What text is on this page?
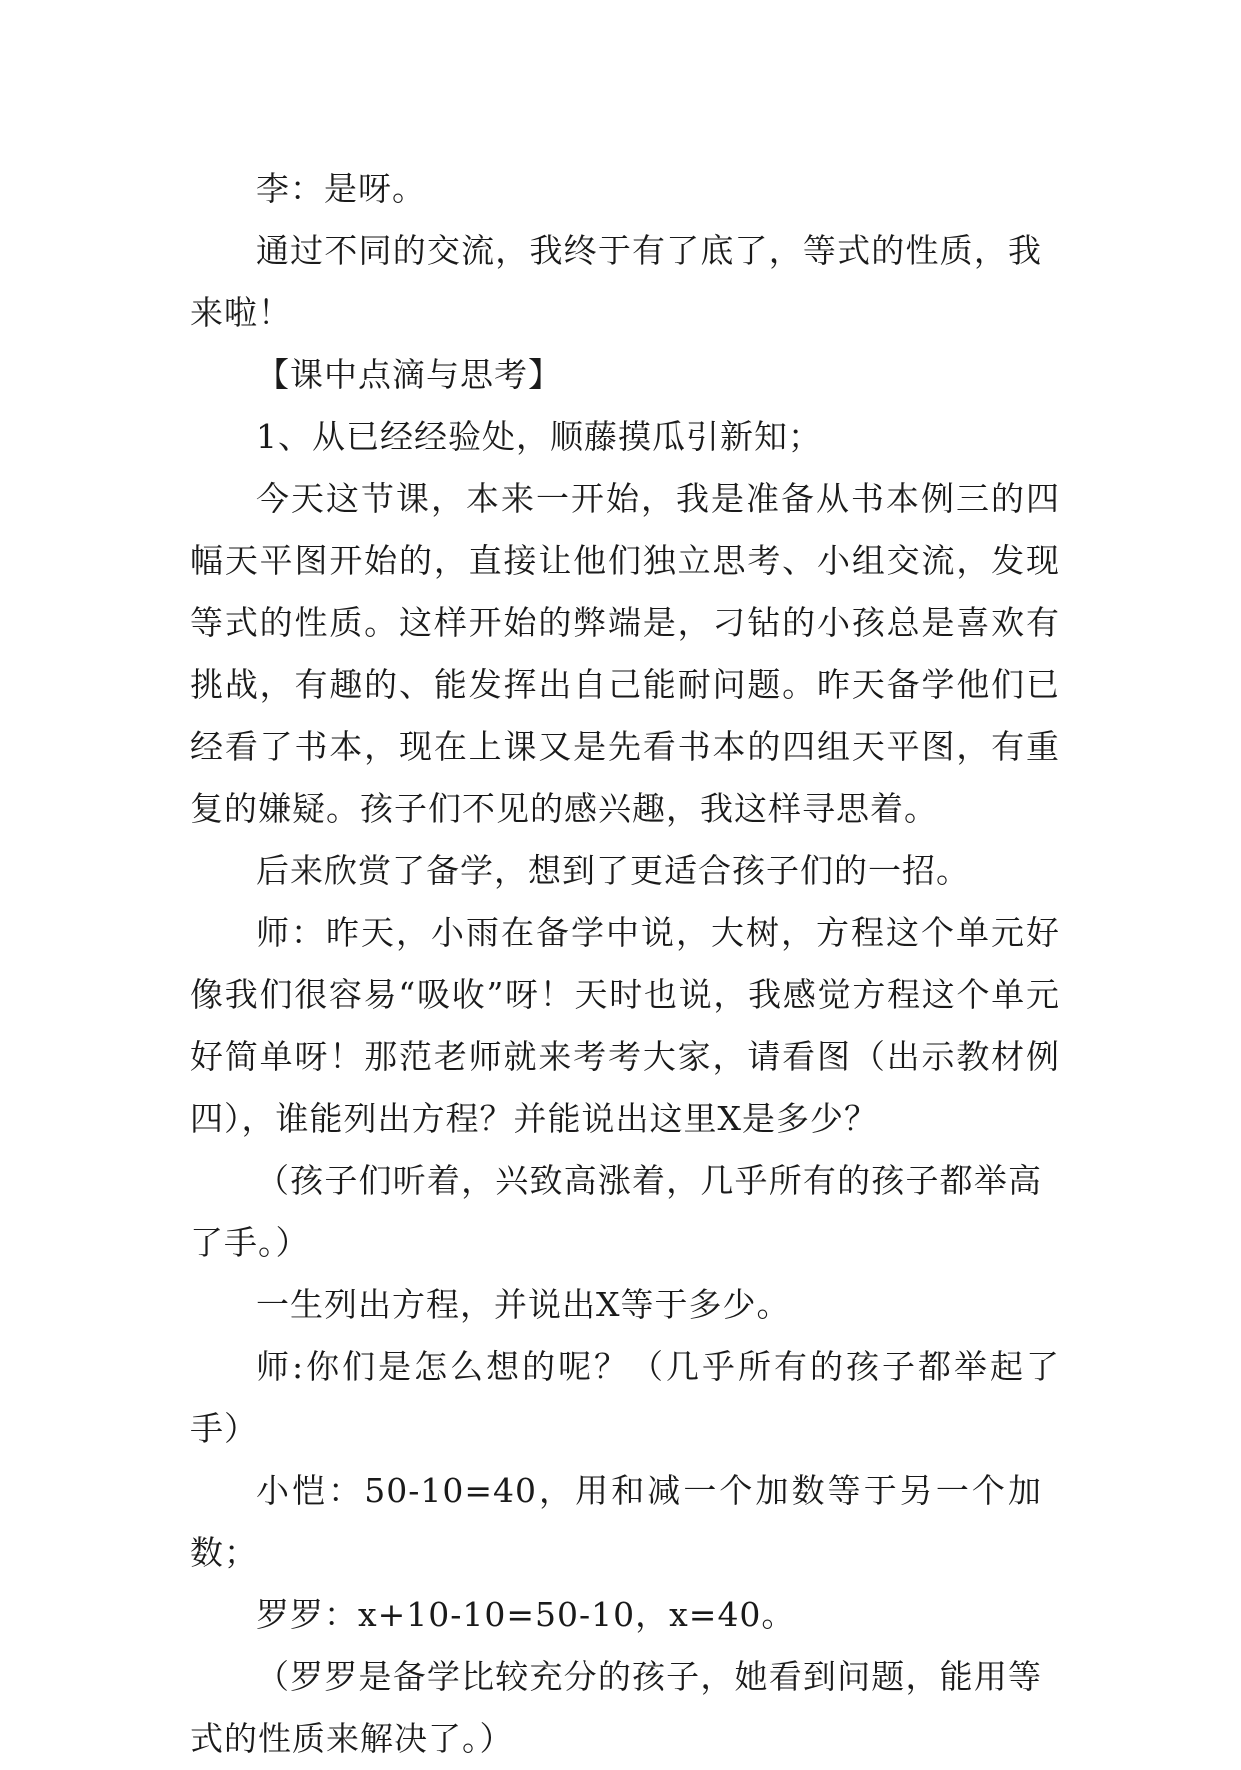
李：是呀。

通过不同的交流，我终于有了底了，等式的性质，我来啦！

【课中点滴与思考】

1、从已经经验处，顺藤摸瓜引新知；

今天这节课，本来一开始，我是准备从书本例三的四幅天平图开始的，直接让他们独立思考、小组交流，发现等式的性质。这样开始的弊端是，刁钻的小孩总是喜欢有挑战，有趣的、能发挥出自己能耐问题。昨天备学他们已经看了书本，现在上课又是先看书本的四组天平图，有重复的嫌疑。孩子们不见的感兴趣，我这样寻思着。

后来欣赏了备学，想到了更适合孩子们的一招。

师：昨天，小雨在备学中说，大树，方程这个单元好像我们很容易“吸收”呀！天时也说，我感觉方程这个单元好简单呀！那范老师就来考考大家，请看图（出示教材例四），谁能列出方程？并能说出这里X是多少？

（孩子们听着，兴致高涨着，几乎所有的孩子都举高了手。）

一生列出方程，并说出X等于多少。

师:你们是怎么想的呢？（几乎所有的孩子都举起了手）

小恺：50-10=40，用和减一个加数等于另一个加数；

罗罗：x+10-10=50-10，x=40。

（罗罗是备学比较充分的孩子，她看到问题，能用等式的性质来解决了。）
